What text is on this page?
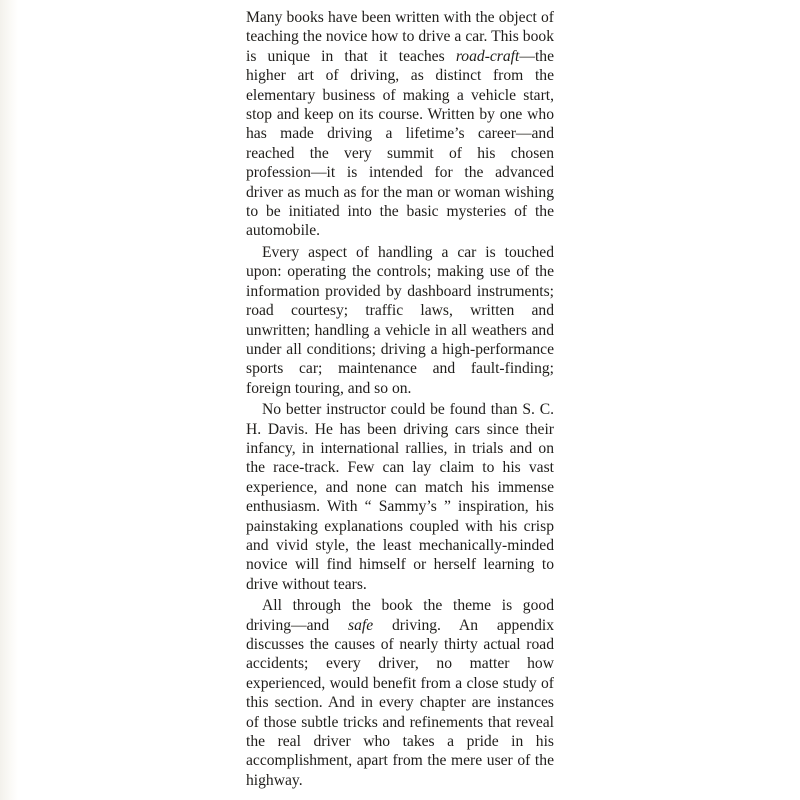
Many books have been written with the object of teaching the novice how to drive a car. This book is unique in that it teaches road-craft—the higher art of driving, as distinct from the elementary business of making a vehicle start, stop and keep on its course. Written by one who has made driving a lifetime’s career—and reached the very summit of his chosen profession—it is intended for the advanced driver as much as for the man or woman wishing to be initiated into the basic mysteries of the automobile.

Every aspect of handling a car is touched upon: operating the controls; making use of the information provided by dashboard instruments; road courtesy; traffic laws, written and unwritten; handling a vehicle in all weathers and under all conditions; driving a high-performance sports car; maintenance and fault-finding; foreign touring, and so on.

No better instructor could be found than S. C. H. Davis. He has been driving cars since their infancy, in international rallies, in trials and on the race-track. Few can lay claim to his vast experience, and none can match his immense enthusiasm. With “ Sammy’s ” inspiration, his painstaking explanations coupled with his crisp and vivid style, the least mechanically-minded novice will find himself or herself learning to drive without tears.

All through the book the theme is good driving—and safe driving. An appendix discusses the causes of nearly thirty actual road accidents; every driver, no matter how experienced, would benefit from a close study of this section. And in every chapter are instances of those subtle tricks and refinements that reveal the real driver who takes a pride in his accomplishment, apart from the mere user of the highway.
